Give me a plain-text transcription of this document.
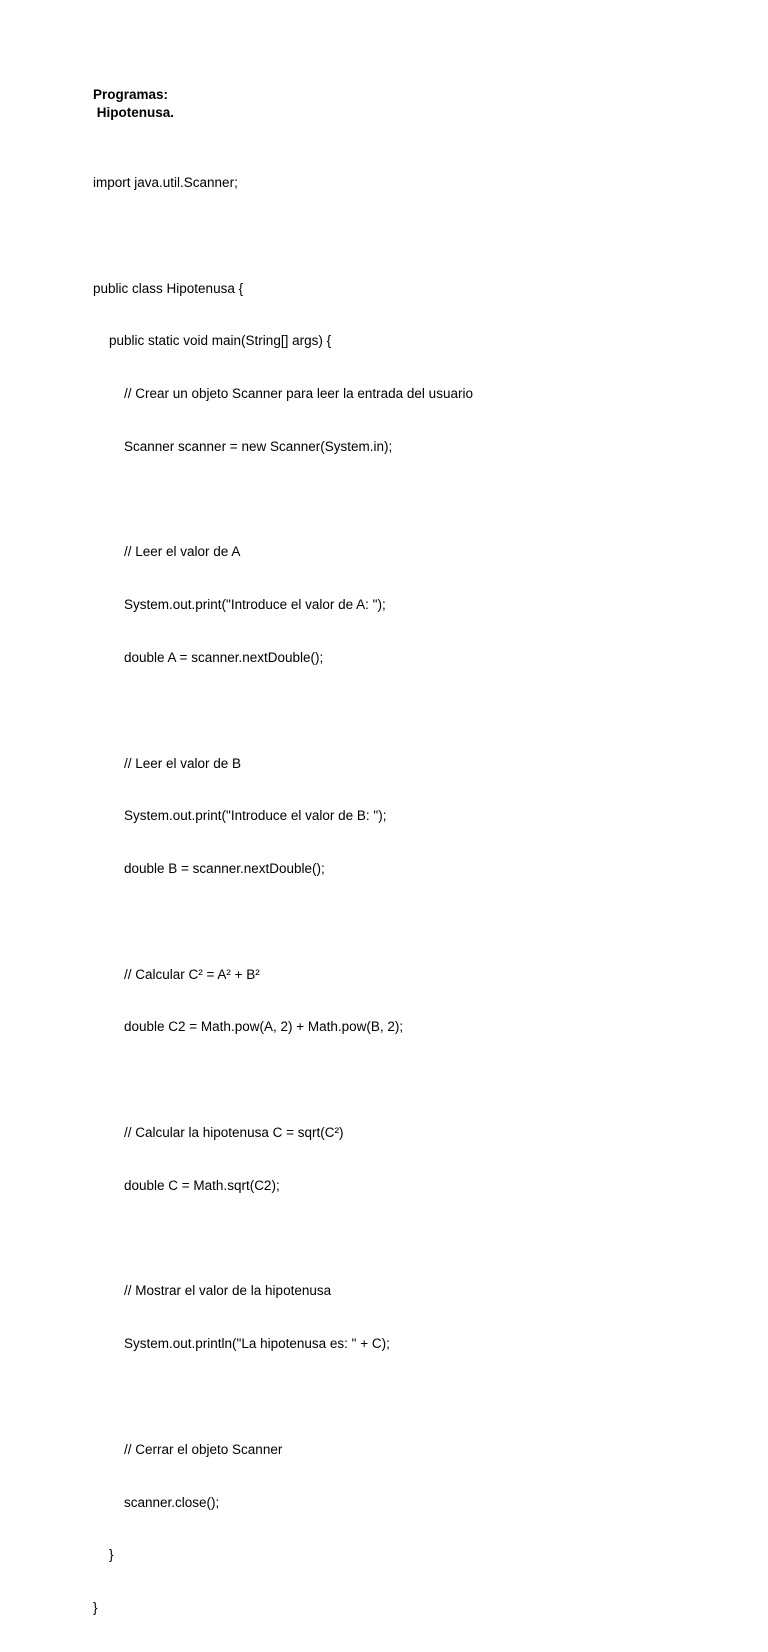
Programas:
Hipotenusa.

import java.util.Scanner;

public class Hipotenusa {

public static void main(String[] args) {

// Crear un objeto Scanner para leer la entrada del usuario

Scanner scanner = new Scanner(System.in);

// Leer el valor de A

System.out.print("Introduce el valor de A: ");

double A = scanner.nextDouble();

// Leer el valor de B

System.out.print("Introduce el valor de B: ");

double B = scanner.nextDouble();

// Calcular C² = A² + B²

double C2 = Math.pow(A, 2) + Math.pow(B, 2);

// Calcular la hipotenusa C = sqrt(C²)

double C = Math.sqrt(C2);

// Mostrar el valor de la hipotenusa

System.out.println("La hipotenusa es: " + C);

// Cerrar el objeto Scanner

scanner.close();

}

}
